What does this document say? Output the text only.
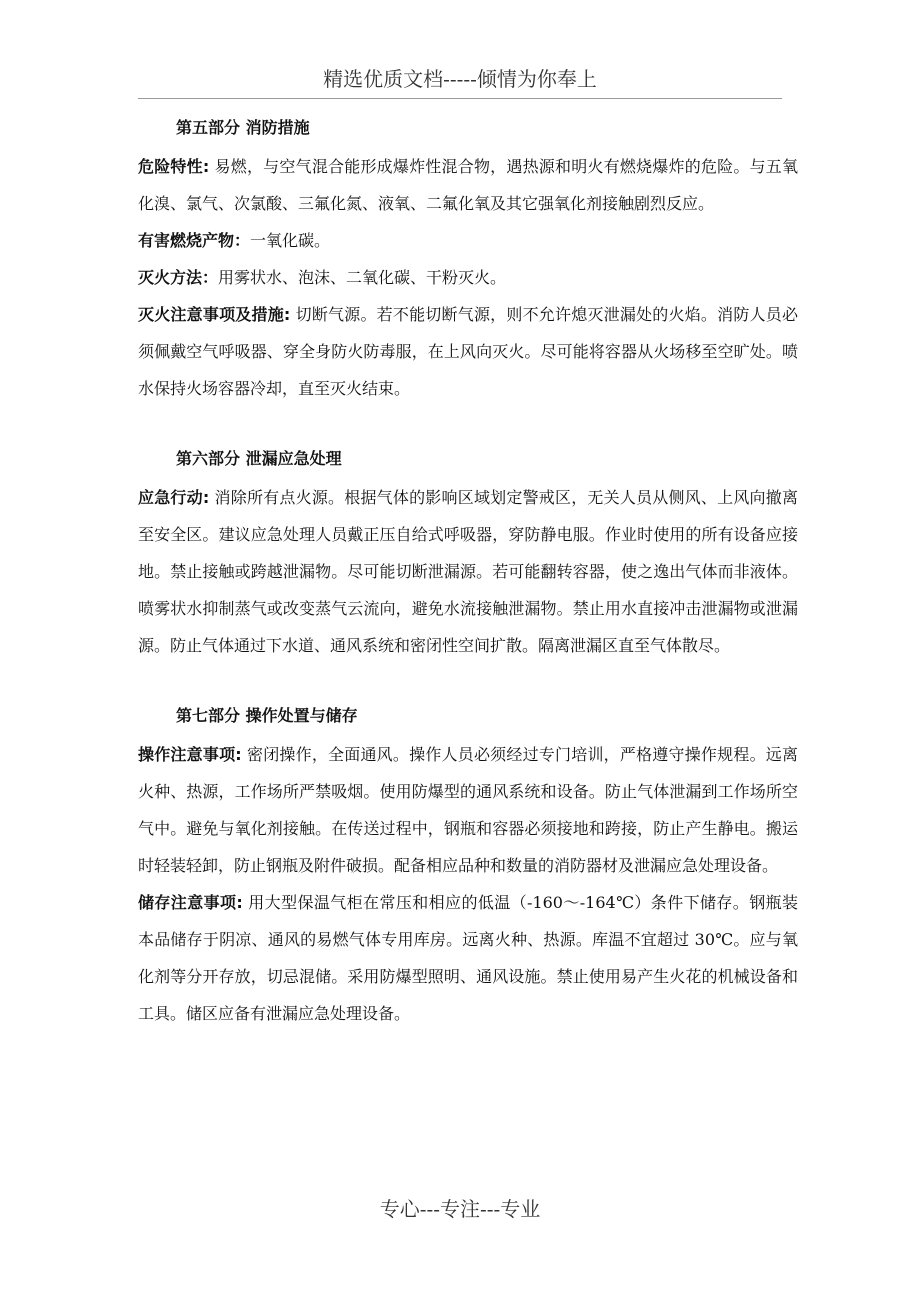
精选优质文档-----倾情为你奉上
第五部分 消防措施

危险特性: 易燃，与空气混合能形成爆炸性混合物，遇热源和明火有燃烧爆炸的危险。与五氧化溴、氯气、次氯酸、三氟化氮、液氧、二氟化氧及其它强氧化剂接触剧烈反应。

有害燃烧产物：一氧化碳。

灭火方法：用雾状水、泡沫、二氧化碳、干粉灭火。

灭火注意事项及措施: 切断气源。若不能切断气源，则不允许熄灭泄漏处的火焰。消防人员必须佩戴空气呼吸器、穿全身防火防毒服，在上风向灭火。尽可能将容器从火场移至空旷处。喷水保持火场容器冷却，直至灭火结束。

第六部分 泄漏应急处理

应急行动: 消除所有点火源。根据气体的影响区域划定警戒区，无关人员从侧风、上风向撤离至安全区。建议应急处理人员戴正压自给式呼吸器，穿防静电服。作业时使用的所有设备应接地。禁止接触或跨越泄漏物。尽可能切断泄漏源。若可能翻转容器，使之逸出气体而非液体。喷雾状水抑制蒸气或改变蒸气云流向，避免水流接触泄漏物。禁止用水直接冲击泄漏物或泄漏源。防止气体通过下水道、通风系统和密闭性空间扩散。隔离泄漏区直至气体散尽。

第七部分 操作处置与储存

操作注意事项: 密闭操作，全面通风。操作人员必须经过专门培训，严格遵守操作规程。远离火种、热源，工作场所严禁吸烟。使用防爆型的通风系统和设备。防止气体泄漏到工作场所空气中。避免与氧化剂接触。在传送过程中，钢瓶和容器必须接地和跨接，防止产生静电。搬运时轻装轻卸，防止钢瓶及附件破损。配备相应品种和数量的消防器材及泄漏应急处理设备。

储存注意事项: 用大型保温气柜在常压和相应的低温（-160～-164℃）条件下储存。钢瓶装本品储存于阴凉、通风的易燃气体专用库房。远离火种、热源。库温不宜超过 30℃。应与氧化剂等分开存放，切忌混储。采用防爆型照明、通风设施。禁止使用易产生火花的机械设备和工具。储区应备有泄漏应急处理设备。

专心---专注---专业
